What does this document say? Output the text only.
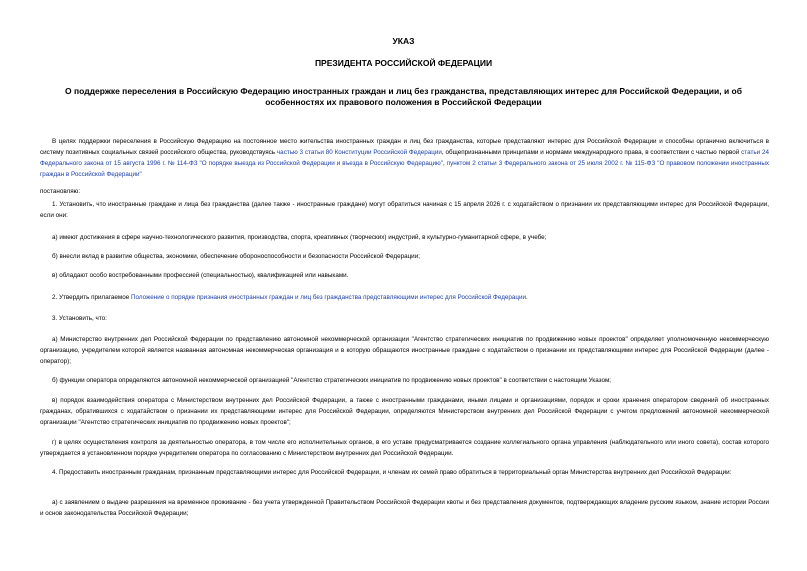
УКАЗ
ПРЕЗИДЕНТА РОССИЙСКОЙ ФЕДЕРАЦИИ
О поддержке переселения в Российскую Федерацию иностранных граждан и лиц без гражданства, представляющих интерес для Российской Федерации, и об особенностях их правового положения в Российской Федерации
В целях поддержки переселения в Российскую Федерацию на постоянное место жительства иностранных граждан и лиц без гражданства, которые представляют интерес для Российской Федерации и способны органично включиться в систему позитивных социальных связей российского общества, руководствуясь частью 3 статьи 80 Конституции Российской Федерации, общепризнанными принципами и нормами международного права, в соответствии с частью первой статьи 24 Федерального закона от 15 августа 1996 г. № 114-ФЗ "О порядке выезда из Российской Федерации и въезда в Российскую Федерацию", пунктом 2 статьи 3 Федерального закона от 25 июля 2002 г. № 115-ФЗ "О правовом положении иностранных граждан в Российской Федерации"
постановляю:
1. Установить, что иностранные граждане и лица без гражданства (далее также - иностранные граждане) могут обратиться начиная с 15 апреля 2026 г. с ходатайством о признании их представляющими интерес для Российской Федерации, если они:
а) имеют достижения в сфере научно-технологического развития, производства, спорта, креативных (творческих) индустрий, в культурно-гуманитарной сфере, в учебе;
б) внесли вклад в развитие общества, экономики, обеспечение обороноспособности и безопасности Российской Федерации;
в) обладают особо востребованными профессией (специальностью), квалификацией или навыками.
2. Утвердить прилагаемое Положение о порядке признания иностранных граждан и лиц без гражданства представляющими интерес для Российской Федерации.
3. Установить, что:
а) Министерство внутренних дел Российской Федерации по представлению автономной некоммерческой организации "Агентство стратегических инициатив по продвижению новых проектов" определяет уполномоченную некоммерческую организацию, учредителем которой является названная автономная некоммерческая организация и в которую обращаются иностранные граждане с ходатайством о признании их представляющими интерес для Российской Федерации (далее - оператор);
б) функции оператора определяются автономной некоммерческой организацией "Агентство стратегических инициатив по продвижению новых проектов" в соответствии с настоящим Указом;
в) порядок взаимодействия оператора с Министерством внутренних дел Российской Федерации, а также с иностранными гражданами, иными лицами и организациями, порядок и сроки хранения оператором сведений об иностранных гражданах, обратившихся с ходатайством о признании их представляющими интерес для Российской Федерации, определяются Министерством внутренних дел Российской Федерации с учетом предложений автономной некоммерческой организации "Агентство стратегических инициатив по продвижению новых проектов";
г) в целях осуществления контроля за деятельностью оператора, в том числе его исполнительных органов, в его уставе предусматривается создание коллегиального органа управления (наблюдательного или иного совета), состав которого утверждается в установленном порядке учредителем оператора по согласованию с Министерством внутренних дел Российской Федерации.
4. Предоставить иностранным гражданам, признанным представляющими интерес для Российской Федерации, и членам их семей право обратиться в территориальный орган Министерства внутренних дел Российской Федерации:
а) с заявлением о выдаче разрешения на временное проживание - без учета утвержденной Правительством Российской Федерации квоты и без представления документов, подтверждающих владение русским языком, знание истории России и основ законодательства Российской Федерации;
